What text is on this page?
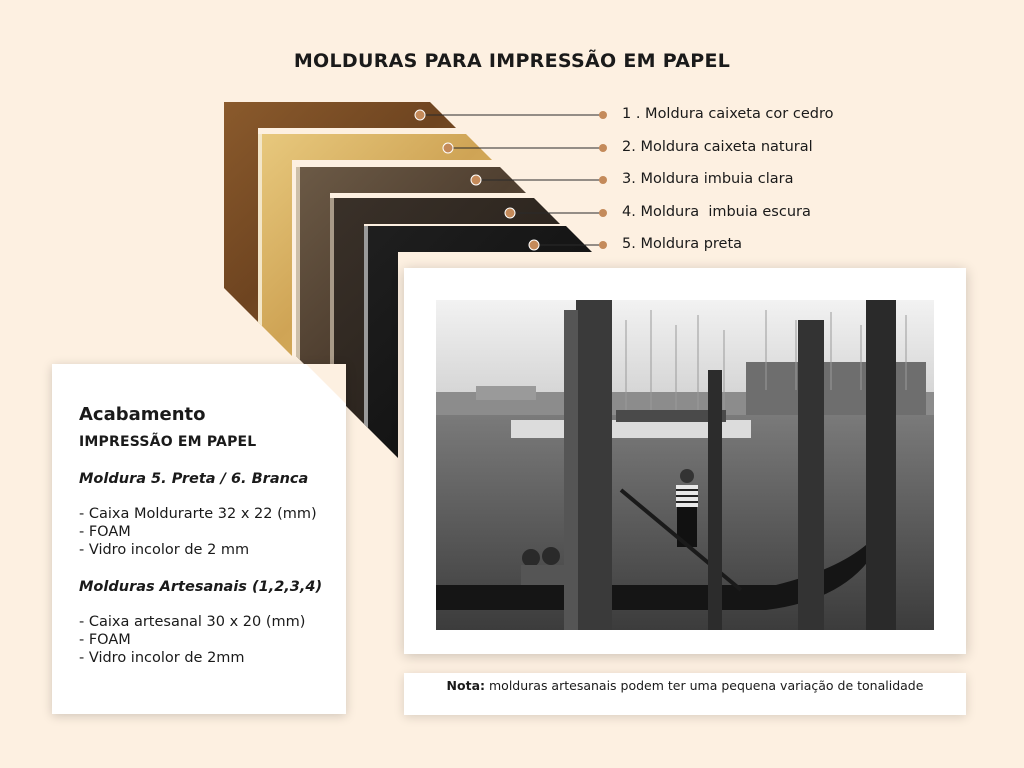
MOLDURAS PARA IMPRESSÃO EM PAPEL
1 . Moldura caixeta cor cedro
2. Moldura caixeta natural
3. Moldura imbuia clara
4. Moldura  imbuia escura
5. Moldura preta
Acabamento
IMPRESSÃO EM PAPEL
Moldura 5. Preta / 6. Branca
- Caixa Moldurarte 32 x 22 (mm)
- FOAM
- Vidro incolor de 2 mm
Molduras Artesanais (1,2,3,4)
- Caixa artesanal 30 x 20 (mm)
- FOAM
- Vidro incolor de 2mm
Nota: molduras artesanais podem ter uma pequena variação de tonalidade
